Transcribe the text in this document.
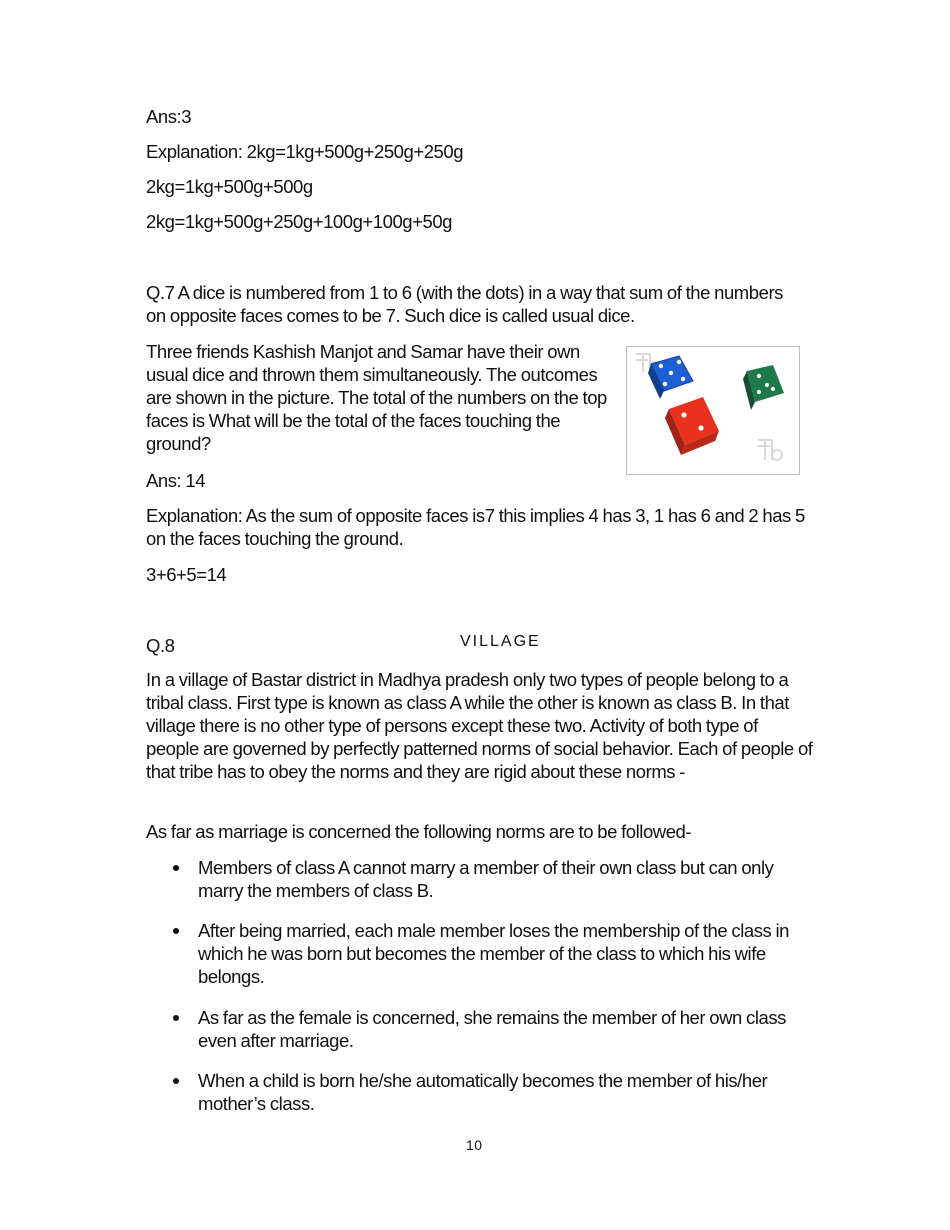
Ans:3

Explanation: 2kg=1kg+500g+250g+250g

2kg=1kg+500g+500g

2kg=1kg+500g+250g+100g+100g+50g

Q.7 A dice is numbered from 1 to 6 (with the dots) in a way that sum of the numbers on opposite faces comes to be 7. Such dice is called usual dice.

Three friends Kashish Manjot and Samar have their own usual dice and thrown them simultaneously. The outcomes are shown in the picture. The total of the numbers on the top faces is What will be the total of the faces touching the ground?

Ans: 14

Explanation: As the sum of opposite faces is7 this implies 4 has 3, 1 has 6 and 2 has 5 on the faces touching the ground.

3+6+5=14

Q.8	VILLAGE

In a village of Bastar district in Madhya pradesh only two types of people belong to a tribal class. First type is known as class A while the other is known as class B. In that village there is no other type of persons except these two. Activity of both type of people are governed by perfectly patterned norms of social behavior. Each of people of that tribe has to obey the norms and they are rigid about these norms -

As far as marriage is concerned the following norms are to be followed-

Members of class A cannot marry a member of their own class but can only marry the members of class B.

After being married, each male member loses the membership of the class in which he was born but becomes the member of the class to which his wife belongs.

As far as the female is concerned, she remains the member of her own class even after marriage.

When a child is born he/she automatically becomes the member of his/her mother’s class.

10
